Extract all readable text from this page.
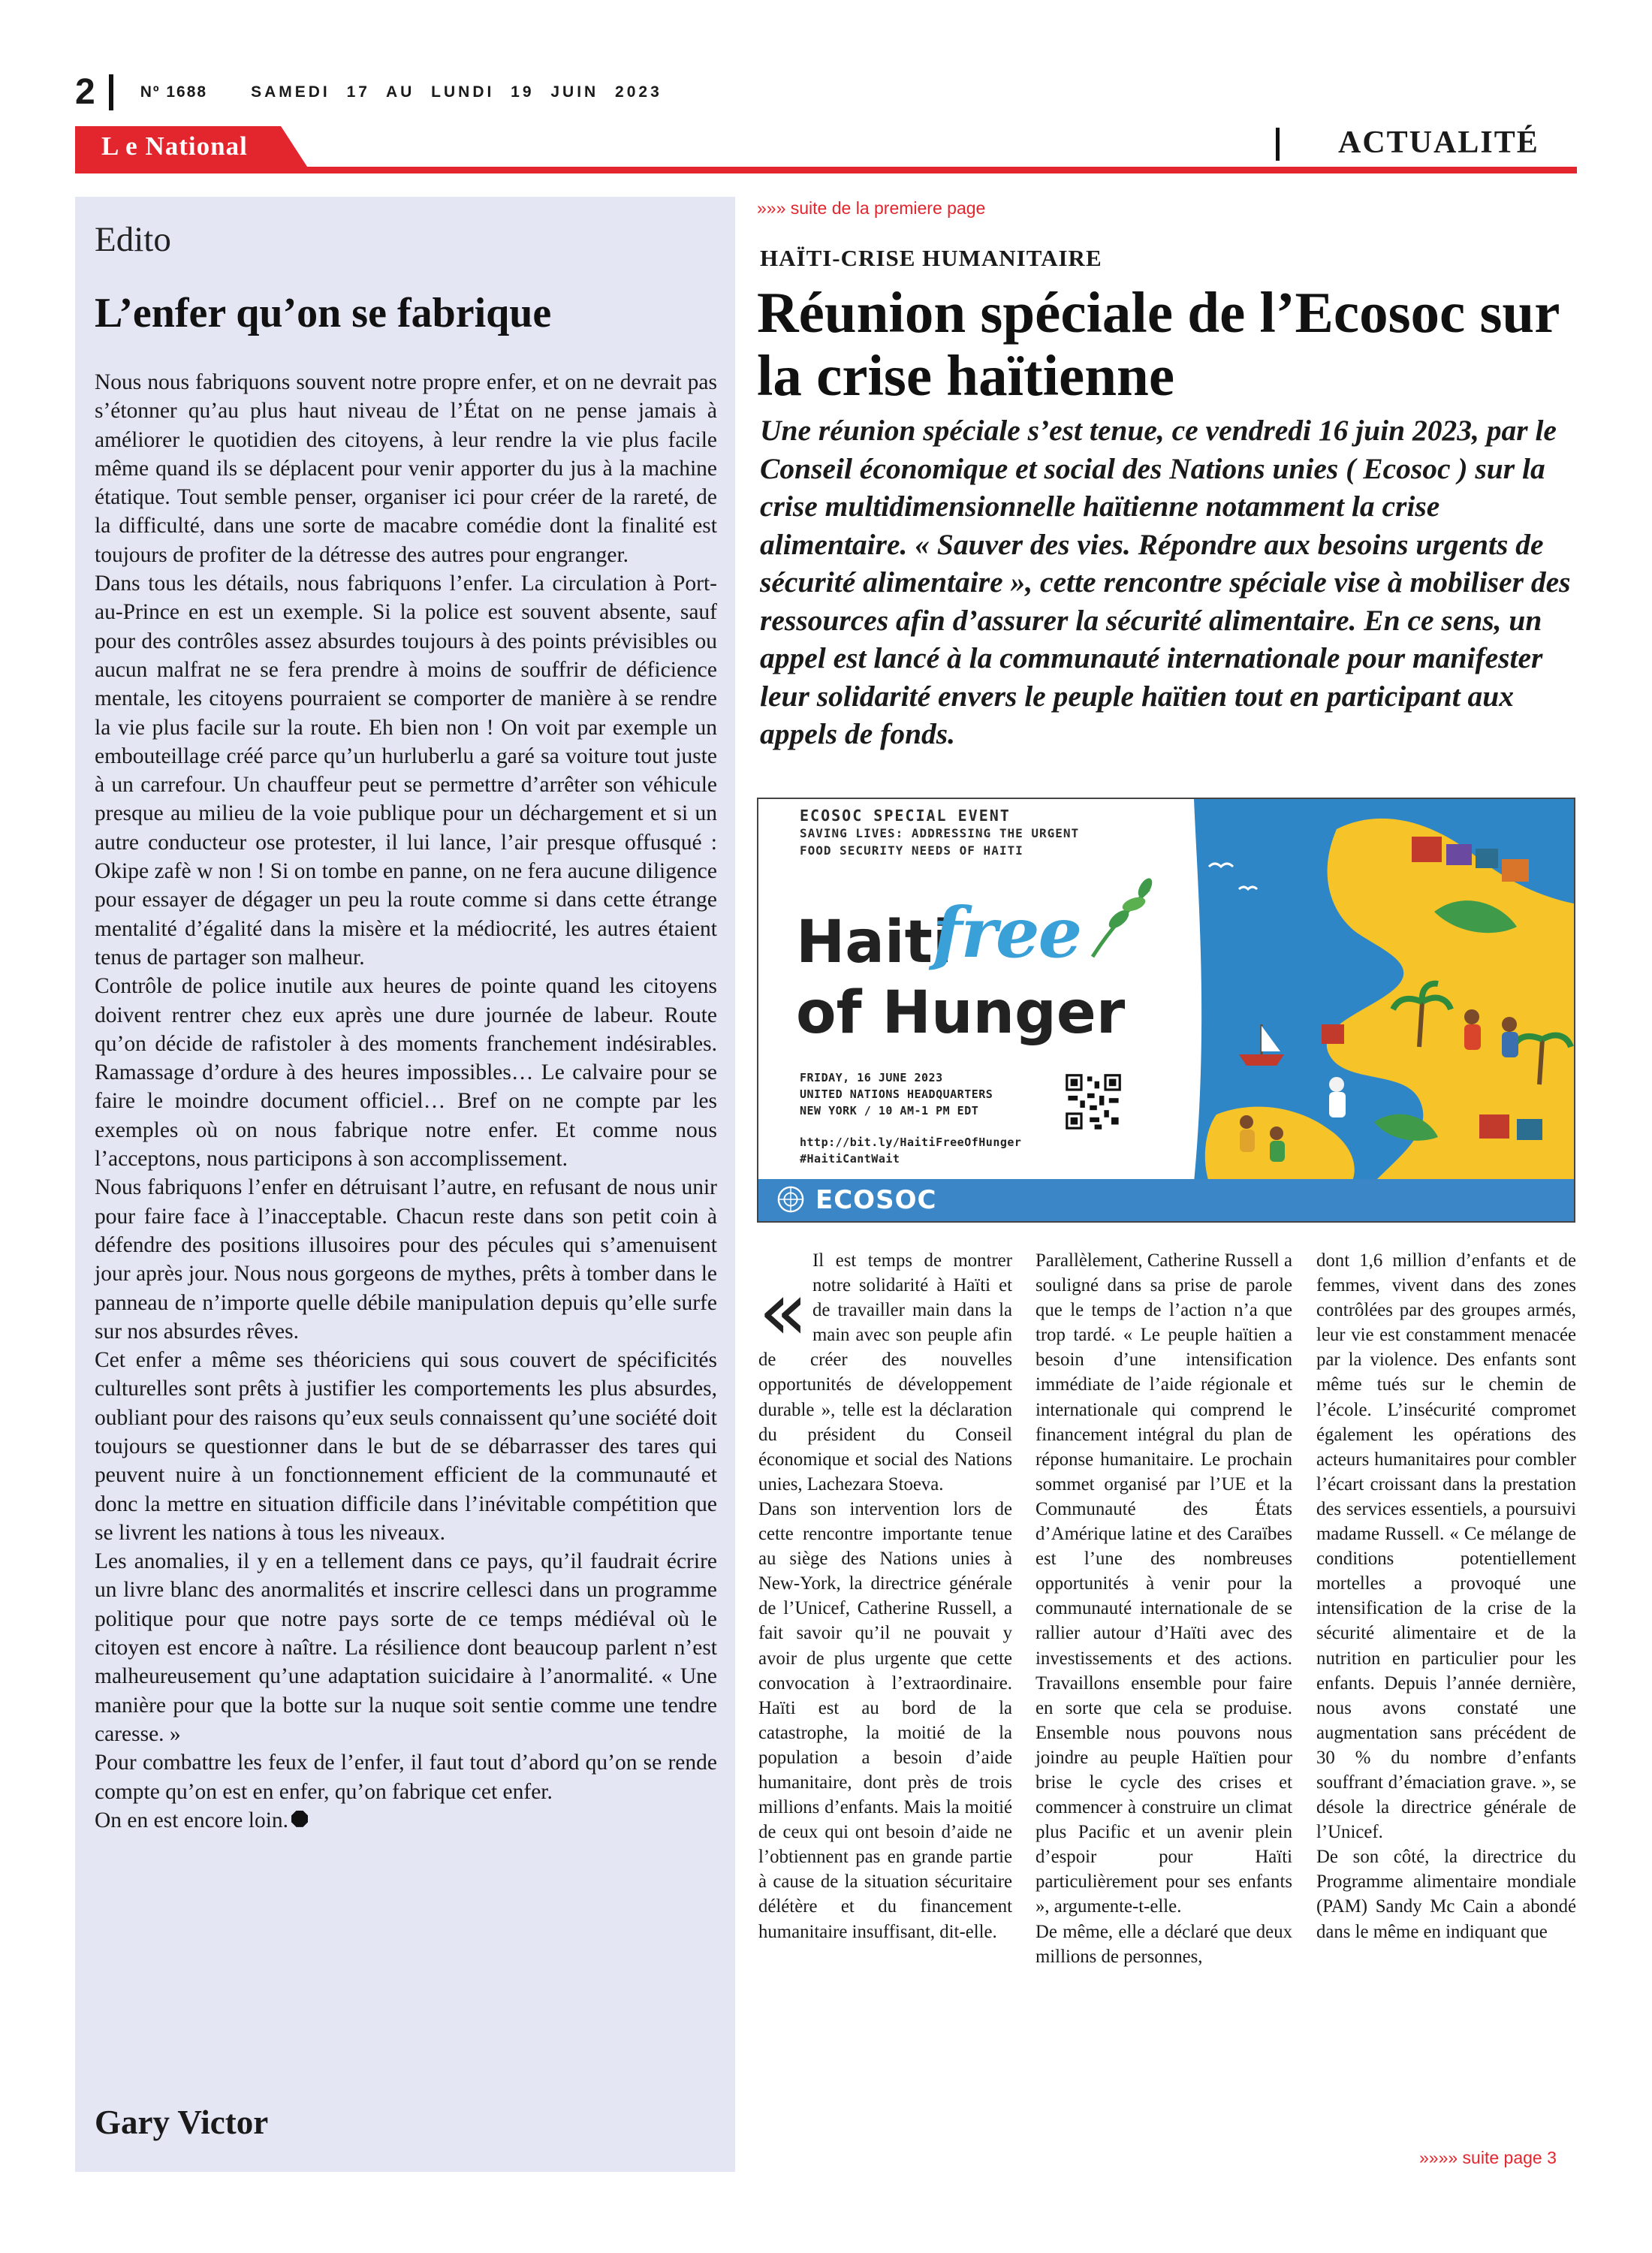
2	Nº 1688	SAMEDI 17 AU LUNDI 19 JUIN 2023
L e National	ACTUALITÉ
Edito
L’enfer qu’on se fabrique

Nous nous fabriquons souvent notre propre enfer, et on ne devrait pas s’étonner qu’au plus haut niveau de l’État on ne pense jamais à améliorer le quotidien des citoyens, à leur rendre la vie plus facile même quand ils se déplacent pour venir apporter du jus à la machine étatique. Tout semble penser, organiser ici pour créer de la rareté, de la difficulté, dans une sorte de macabre comédie dont la finalité est toujours de profiter de la détresse des autres pour engranger.

Dans tous les détails, nous fabriquons l’enfer. La circulation à Port-au-Prince en est un exemple. Si la police est souvent absente, sauf pour des contrôles assez absurdes toujours à des points prévisibles ou aucun malfrat ne se fera prendre à moins de souffrir de déficience mentale, les citoyens pourraient se comporter de manière à se rendre la vie plus facile sur la route. Eh bien non ! On voit par exemple un embouteillage créé parce qu’un hurluberlu a garé sa voiture tout juste à un carrefour. Un chauffeur peut se permettre d’arrêter son véhicule presque au milieu de la voie publique pour un déchargement et si un autre conducteur ose protester, il lui lance, l’air presque offusqué : Okipe zafè w non ! Si on tombe en panne, on ne fera aucune diligence pour essayer de dégager un peu la route comme si dans cette étrange mentalité d’égalité dans la misère et la médiocrité, les autres étaient tenus de partager son malheur.

Contrôle de police inutile aux heures de pointe quand les citoyens doivent rentrer chez eux après une dure journée de labeur. Route qu’on décide de rafistoler à des moments franchement indésirables. Ramassage d’ordure à des heures impossibles… Le calvaire pour se faire le moindre document officiel… Bref on ne compte par les exemples où on nous fabrique notre enfer. Et comme nous l’acceptons, nous participons à son accomplissement.

Nous fabriquons l’enfer en détruisant l’autre, en refusant de nous unir pour faire face à l’inacceptable. Chacun reste dans son petit coin à défendre des positions illusoires pour des pécules qui s’amenuisent jour après jour. Nous nous gorgeons de mythes, prêts à tomber dans le panneau de n’importe quelle débile manipulation depuis qu’elle surfe sur nos absurdes rêves.

Cet enfer a même ses théoriciens qui sous couvert de spécificités culturelles sont prêts à justifier les comportements les plus absurdes, oubliant pour des raisons qu’eux seuls connaissent qu’une société doit toujours se questionner dans le but de se débarrasser des tares qui peuvent nuire à un fonctionnement efficient de la communauté et donc la mettre en situation difficile dans l’inévitable compétition que se livrent les nations à tous les niveaux.

Les anomalies, il y en a tellement dans ce pays, qu’il faudrait écrire un livre blanc des anormalités et inscrire cellesci dans un programme politique pour que notre pays sorte de ce temps médiéval où le citoyen est encore à naître. La résilience dont beaucoup parlent n’est malheureusement qu’une adaptation suicidaire à l’anormalité. « Une manière pour que la botte sur la nuque soit sentie comme une tendre caresse. »

Pour combattre les feux de l’enfer, il faut tout d’abord qu’on se rende compte qu’on est en enfer, qu’on fabrique cet enfer.

On en est encore loin.

Gary Victor
»»» suite de la premiere page
HAÏTI-CRISE HUMANITAIRE
Réunion spéciale de l’Ecosoc sur la crise haïtienne
Une réunion spéciale s’est tenue, ce vendredi 16 juin 2023, par le Conseil économique et social des Nations unies ( Ecosoc ) sur la crise multidimensionnelle haïtienne notamment la crise alimentaire. « Sauver des vies. Répondre aux besoins urgents de sécurité alimentaire », cette rencontre spéciale vise à mobiliser des ressources afin d’assurer la sécurité alimentaire. En ce sens, un appel est lancé à la communauté internationale pour manifester leur solidarité envers le peuple haïtien tout en participant aux appels de fonds.
ECOSOC SPECIAL EVENT
SAVING LIVES: ADDRESSING THE URGENT
FOOD SECURITY NEEDS OF HAITI
Haiti
free
of Hunger
FRIDAY, 16 JUNE 2023
UNITED NATIONS HEADQUARTERS
NEW YORK / 10 AM-1 PM EDT
http://bit.ly/HaitiFreeOfHunger
#HaitiCantWait
ECOSOC

«
Il est temps de montrer notre solidarité à Haïti et de travailler main dans la main avec son peuple afin de créer des nouvelles opportunités de développement durable », telle est la déclaration du président du Conseil économique et social des Nations unies, Lachezara Stoeva.

Dans son intervention lors de cette rencontre importante tenue au siège des Nations unies à New-York, la directrice générale de l’Unicef, Catherine Russell, a fait savoir qu’il ne pouvait y avoir de plus urgente que cette convocation à l’extraordinaire. Haïti est au bord de la catastrophe, la moitié de la population a besoin d’aide humanitaire, dont près de trois millions d’enfants. Mais la moitié de ceux qui ont besoin d’aide ne l’obtiennent pas en grande partie à cause de la situation sécuritaire délétère et du financement humanitaire insuffisant, dit-elle.

Parallèlement, Catherine Russell a souligné dans sa prise de parole que le temps de l’action n’a que trop tardé. « Le peuple haïtien a besoin d’une intensification immédiate de l’aide régionale et internationale qui comprend le financement intégral du plan de réponse humanitaire. Le prochain sommet organisé par l’UE et la Communauté des États d’Amérique latine et des Caraïbes est l’une des nombreuses opportunités à venir pour la communauté internationale de se rallier autour d’Haïti avec des investissements et des actions. Travaillons ensemble pour faire en sorte que cela se produise. Ensemble nous pouvons nous joindre au peuple Haïtien pour brise le cycle des crises et commencer à construire un climat plus Pacific et un avenir plein d’espoir pour Haïti particulièrement pour ses enfants », argumente-t-elle.

De même, elle a déclaré que deux millions de personnes,

dont 1,6 million d’enfants et de femmes, vivent dans des zones contrôlées par des groupes armés, leur vie est constamment menacée par la violence. Des enfants sont même tués sur le chemin de l’école. L’insécurité compromet également les opérations des acteurs humanitaires pour combler l’écart croissant dans la prestation des services essentiels, a poursuivi madame Russell. « Ce mélange de conditions potentiellement mortelles a provoqué une intensification de la crise de la sécurité alimentaire et de la nutrition en particulier pour les enfants. Depuis l’année dernière, nous avons constaté une augmentation sans précédent de 30 % du nombre d’enfants souffrant d’émaciation grave. », se désole la directrice générale de l’Unicef.

De son côté, la directrice du Programme alimentaire mondiale (PAM) Sandy Mc Cain a abondé dans le même en indiquant que

»»»» suite page 3
